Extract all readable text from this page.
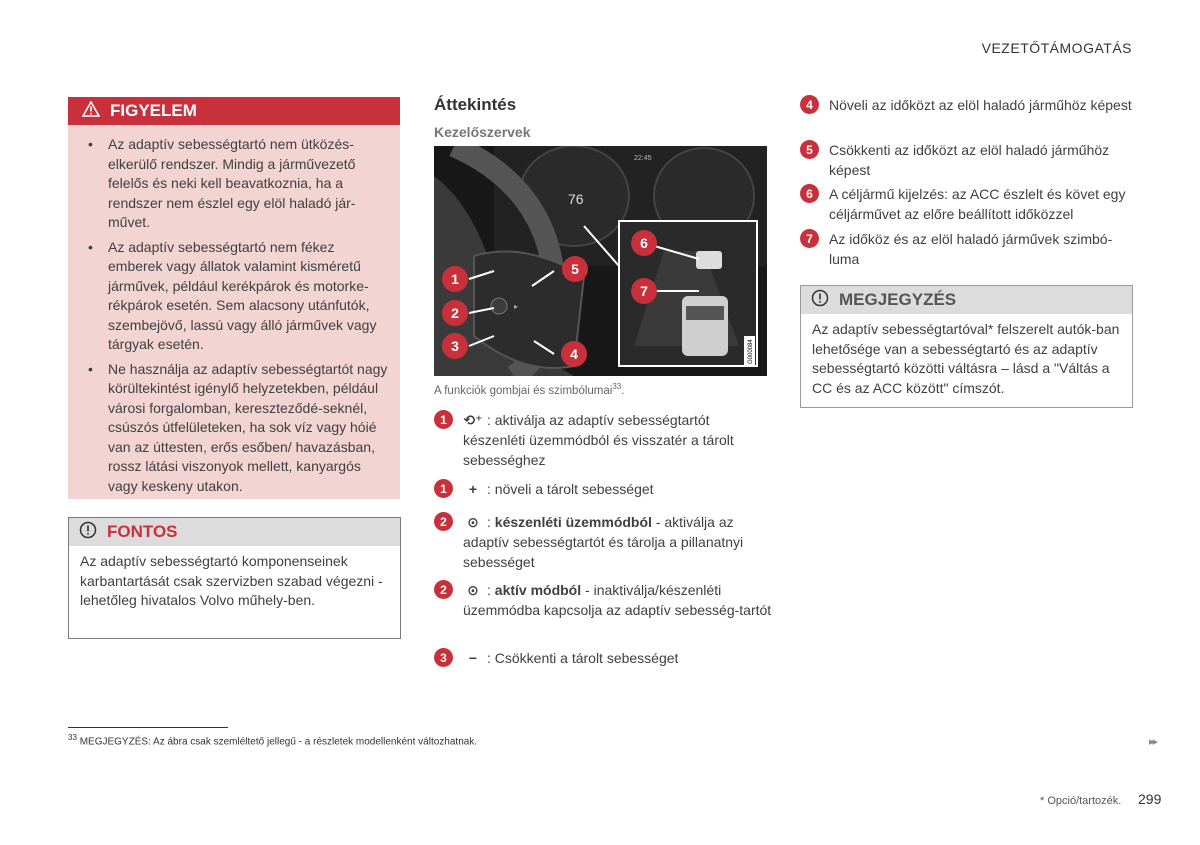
VEZETŐTÁMOGATÁS
FIGYELEM
• Az adaptív sebességtartó nem ütközés-elkerülő rendszer. Mindig a járművezető felelős és neki kell beavatkoznia, ha a rendszer nem észlel egy elöl haladó jár-művet.
• Az adaptív sebességtartó nem fékez emberek vagy állatok valamint kisméretű járművek, például kerékpárok és motorke-rékpárok esetén. Sem alacsony utánfutók, szembejövő, lassú vagy álló járművek vagy tárgyak esetén.
• Ne használja az adaptív sebességtartót nagy körültekintést igénylő helyzetekben, például városi forgalomban, kereszteződé-seknél, csúszós útfelületeken, ha sok víz vagy hóié van az úttesten, erős esőben/ havazásban, rossz látási viszonyok mellett, kanyargós vagy keskeny utakon.
FONTOS
Az adaptív sebességtartó komponenseinek karbantartását csak szervizben szabad végezni - lehetőleg hivatalos Volvo műhely-ben.
Áttekintés
Kezelőszervek
76
22:45
▸
G000084
1
2
3	4
5
6
7
A funkciók gombjai és szimbólumai$^{33}$.
1	⟲⁺ : aktiválja az adaptív sebességtartót készenléti üzemmódból és visszatér a tárolt sebességhez
1	+ : növeli a tárolt sebességet
2	⊙ : készenléti üzemmódból - aktiválja az adaptív sebességtartót és tárolja a pillanatnyi sebességet
2	⊙ : aktív módból - inaktiválja/készenléti üzemmódba kapcsolja az adaptív sebesség-tartót
3	− : Csökkenti a tárolt sebességet
4	Növeli az időközt az elöl haladó járműhöz képest
5	Csökkenti az időközt az elöl haladó járműhöz képest
6	A céljármű kijelzés: az ACC észlelt és követ egy céljárművet az előre beállított időközzel
7	Az időköz és az elöl haladó járművek szimbó-luma
MEGJEGYZÉS
Az adaptív sebességtartóval* felszerelt autók-ban lehetősége van a sebességtartó és az adaptív sebességtartó közötti váltásra – lásd a "Váltás a CC és az ACC között" címszót.
$^{33}$ MEGJEGYZÉS: Az ábra csak szemléltető jellegű - a részletek modellenként változhatnak.	▸▸
* Opció/tartozék. 299
